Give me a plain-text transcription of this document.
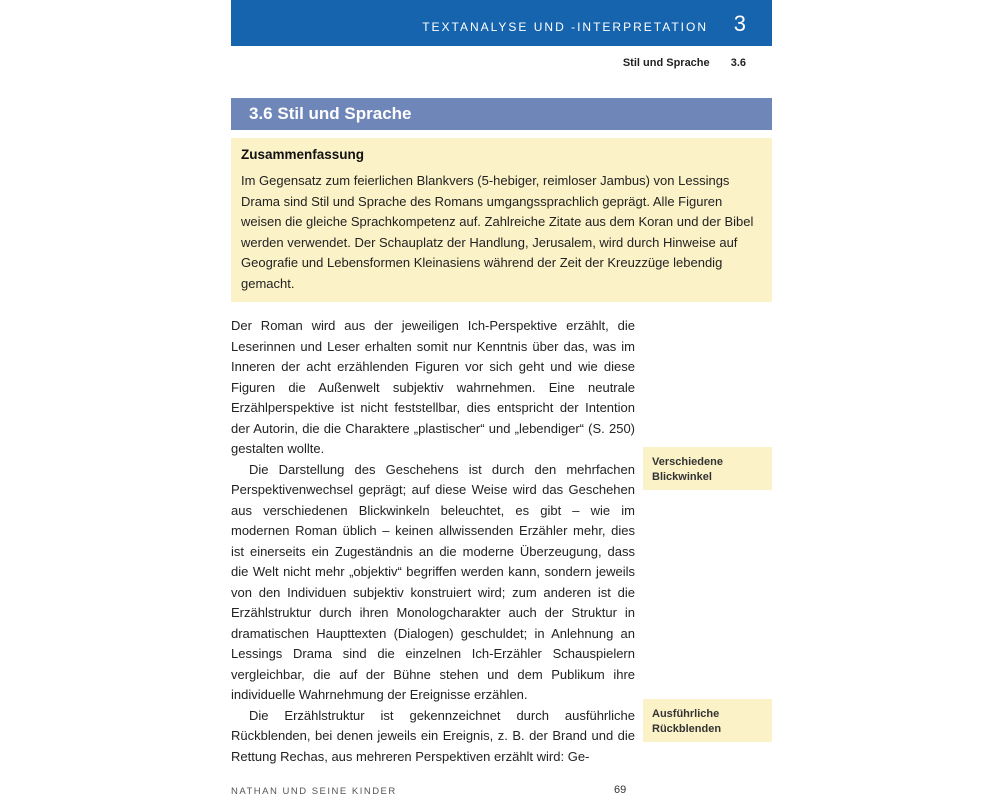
TEXTANALYSE UND -INTERPRETATION 3
Stil und Sprache 3.6
3.6 Stil und Sprache
Zusammenfassung
Im Gegensatz zum feierlichen Blankvers (5-hebiger, reimloser Jambus) von Lessings Drama sind Stil und Sprache des Romans umgangssprachlich geprägt. Alle Figuren weisen die gleiche Sprachkompetenz auf. Zahlreiche Zitate aus dem Koran und der Bibel werden verwendet. Der Schauplatz der Handlung, Jerusalem, wird durch Hinweise auf Geografie und Lebensformen Kleinasiens während der Zeit der Kreuzzüge lebendig gemacht.

Der Roman wird aus der jeweiligen Ich-Perspektive erzählt, die Leserinnen und Leser erhalten somit nur Kenntnis über das, was im Inneren der acht erzählenden Figuren vor sich geht und wie diese Figuren die Außenwelt subjektiv wahrnehmen. Eine neutrale Erzählperspektive ist nicht feststellbar, dies entspricht der Intention der Autorin, die die Charaktere „plastischer“ und „lebendiger“ (S. 250) gestalten wollte.

Die Darstellung des Geschehens ist durch den mehrfachen Perspektivenwechsel geprägt; auf diese Weise wird das Geschehen aus verschiedenen Blickwinkeln beleuchtet, es gibt – wie im modernen Roman üblich – keinen allwissenden Erzähler mehr, dies ist einerseits ein Zugeständnis an die moderne Überzeugung, dass die Welt nicht mehr „objektiv“ begriffen werden kann, sondern jeweils von den Individuen subjektiv konstruiert wird; zum anderen ist die Erzählstruktur durch ihren Monologcharakter auch der Struktur in dramatischen Haupttexten (Dialogen) geschuldet; in Anlehnung an Lessings Drama sind die einzelnen Ich-Erzähler Schauspielern vergleichbar, die auf der Bühne stehen und dem Publikum ihre individuelle Wahrnehmung der Ereignisse erzählen.

Die Erzählstruktur ist gekennzeichnet durch ausführliche Rückblenden, bei denen jeweils ein Ereignis, z. B. der Brand und die Rettung Rechas, aus mehreren Perspektiven erzählt wird: Ge-

Verschiedene Blickwinkel
Ausführliche Rückblenden
NATHAN UND SEINE KINDER	69
